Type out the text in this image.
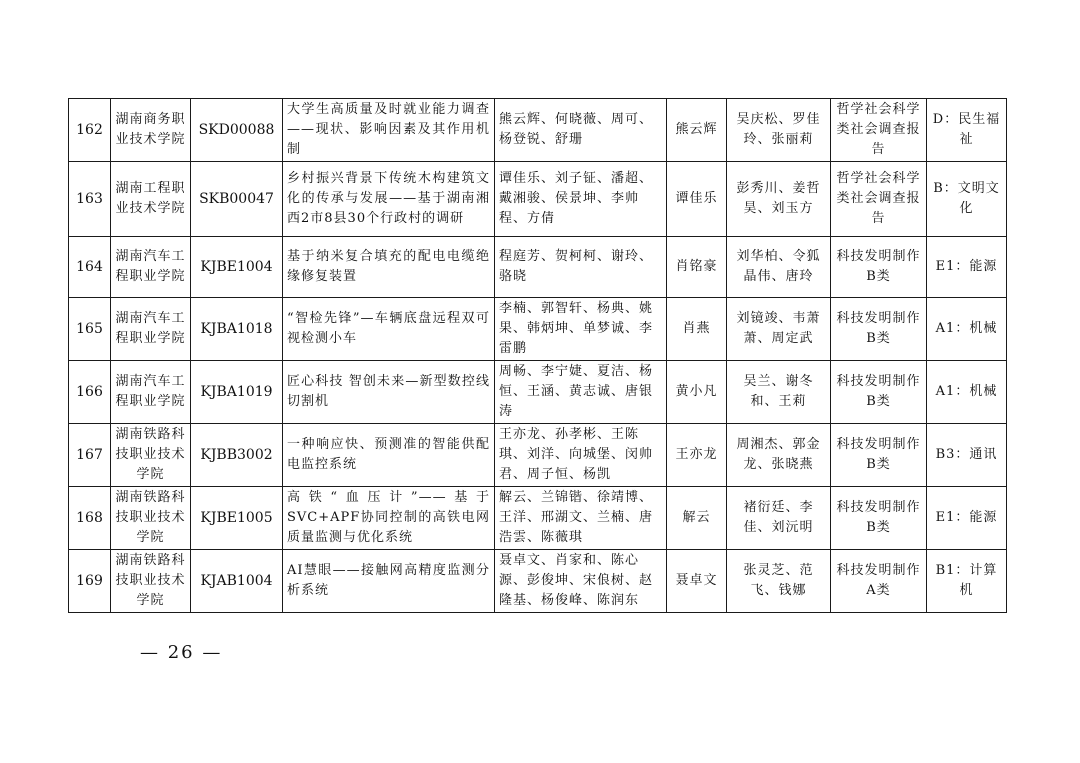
162	湖南商务职业技术学院	SKD00088	大学生高质量及时就业能力调查——现状、影响因素及其作用机制	熊云辉、何晓薇、周可、杨登锐、舒珊	熊云辉	吴庆松、罗佳玲、张丽莉	哲学社会科学类社会调查报告	D：民生福祉
163	湖南工程职业技术学院	SKB00047	乡村振兴背景下传统木构建筑文化的传承与发展——基于湖南湘西2市8县30个行政村的调研	谭佳乐、刘子钲、潘超、戴湘骏、侯景坤、李帅程、方倩	谭佳乐	彭秀川、姜哲昊、刘玉方	哲学社会科学类社会调查报告	B：文明文化
164	湖南汽车工程职业学院	KJBE1004	基于纳米复合填充的配电电缆绝缘修复装置	程庭芳、贺柯柯、谢玲、骆晓	肖铭豪	刘华柏、令狐晶伟、唐玲	科技发明制作B类	E1：能源
165	湖南汽车工程职业学院	KJBA1018	“智检先锋”—车辆底盘远程双可视检测小车	李楠、郭智轩、杨典、姚果、韩炳坤、单梦诚、李雷鹏	肖燕	刘镜竣、韦萧萧、周定武	科技发明制作B类	A1：机械
166	湖南汽车工程职业学院	KJBA1019	匠心科技 智创未来—新型数控线切割机	周畅、李宁婕、夏洁、杨恒、王涵、黄志诚、唐银涛	黄小凡	吴兰、谢冬和、王莉	科技发明制作B类	A1：机械
167	湖南铁路科技职业技术学院	KJBB3002	一种响应快、预测准的智能供配电监控系统	王亦龙、孙孝彬、王陈琪、刘洋、向城堡、闵帅君、周子恒、杨凯	王亦龙	周湘杰、郭金龙、张晓燕	科技发明制作B类	B3：通讯
168	湖南铁路科技职业技术学院	KJBE1005	高铁“血压计”——基于SVC+APF协同控制的高铁电网质量监测与优化系统	解云、兰锦锴、徐靖博、王洋、邢湖文、兰楠、唐浩雲、陈薇琪	解云	褚衍廷、李佳、刘沅明	科技发明制作B类	E1：能源
169	湖南铁路科技职业技术学院	KJAB1004	AI慧眼——接触网高精度监测分析系统	聂卓文、肖家和、陈心源、彭俊坤、宋俍树、赵隆基、杨俊峰、陈润东	聂卓文	张灵芝、范飞、钱娜	科技发明制作A类	B1：计算机
— 26 —
